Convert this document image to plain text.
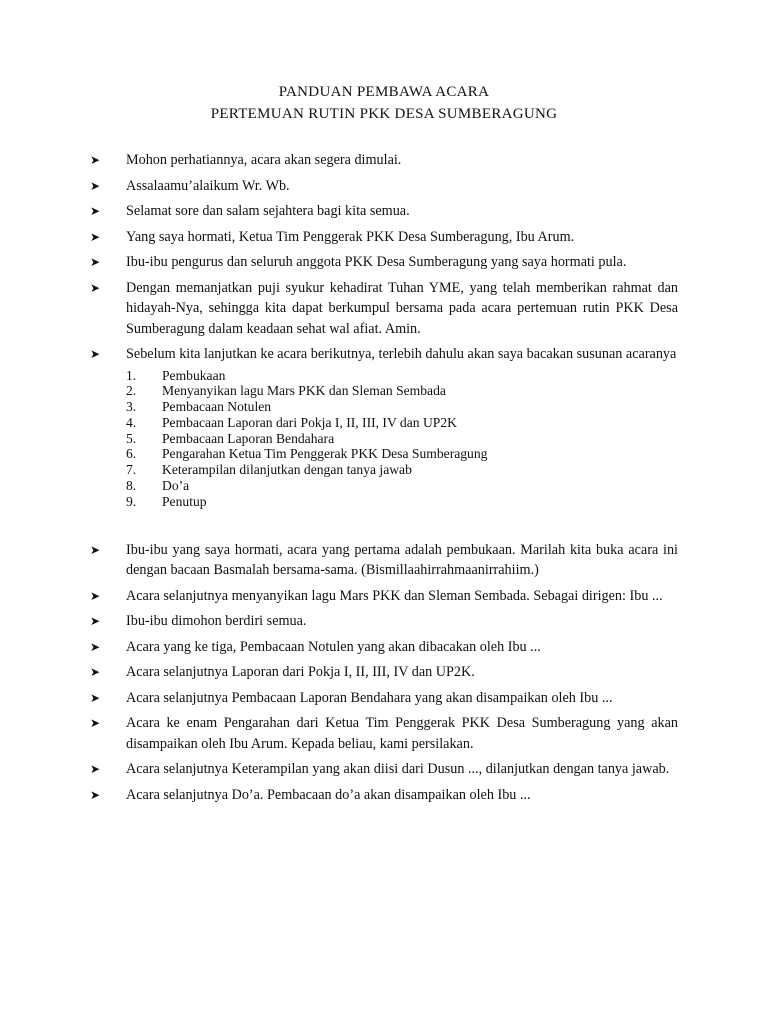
PANDUAN PEMBAWA ACARA
PERTEMUAN RUTIN PKK DESA SUMBERAGUNG
➤ Mohon perhatiannya, acara akan segera dimulai.
➤ Assalaamu’alaikum Wr. Wb.
➤ Selamat sore dan salam sejahtera bagi kita semua.
➤ Yang saya hormati, Ketua Tim Penggerak PKK Desa Sumberagung, Ibu Arum.
➤ Ibu-ibu pengurus dan seluruh anggota PKK Desa Sumberagung yang saya hormati pula.
➤ Dengan memanjatkan puji syukur kehadirat Tuhan YME, yang telah memberikan rahmat dan hidayah-Nya, sehingga kita dapat berkumpul bersama pada acara pertemuan rutin PKK Desa Sumberagung dalam keadaan sehat wal afiat. Amin.
➤ Sebelum kita lanjutkan ke acara berikutnya, terlebih dahulu akan saya bacakan susunan acaranya
1. Pembukaan
2. Menyanyikan lagu Mars PKK dan Sleman Sembada
3. Pembacaan Notulen
4. Pembacaan Laporan dari Pokja I, II, III, IV dan UP2K
5. Pembacaan Laporan Bendahara
6. Pengarahan Ketua Tim Penggerak PKK Desa Sumberagung
7. Keterampilan dilanjutkan dengan tanya jawab
8. Do’a
9. Penutup
➤ Ibu-ibu yang saya hormati, acara yang pertama adalah pembukaan. Marilah kita buka acara ini dengan bacaan Basmalah bersama-sama. (Bismillaahirrahmaanirrahiim.)
➤ Acara selanjutnya menyanyikan lagu Mars PKK dan Sleman Sembada. Sebagai dirigen: Ibu ...
➤ Ibu-ibu dimohon berdiri semua.
➤ Acara yang ke tiga, Pembacaan Notulen yang akan dibacakan oleh Ibu ...
➤ Acara selanjutnya Laporan dari Pokja I, II, III, IV dan UP2K.
➤ Acara selanjutnya Pembacaan Laporan Bendahara yang akan disampaikan oleh Ibu ...
➤ Acara ke enam Pengarahan dari Ketua Tim Penggerak PKK Desa Sumberagung yang akan disampaikan oleh Ibu Arum. Kepada beliau, kami persilakan.
➤ Acara selanjutnya Keterampilan yang akan diisi dari Dusun ..., dilanjutkan dengan tanya jawab.
➤ Acara selanjutnya Do’a. Pembacaan do’a akan disampaikan oleh Ibu ...
